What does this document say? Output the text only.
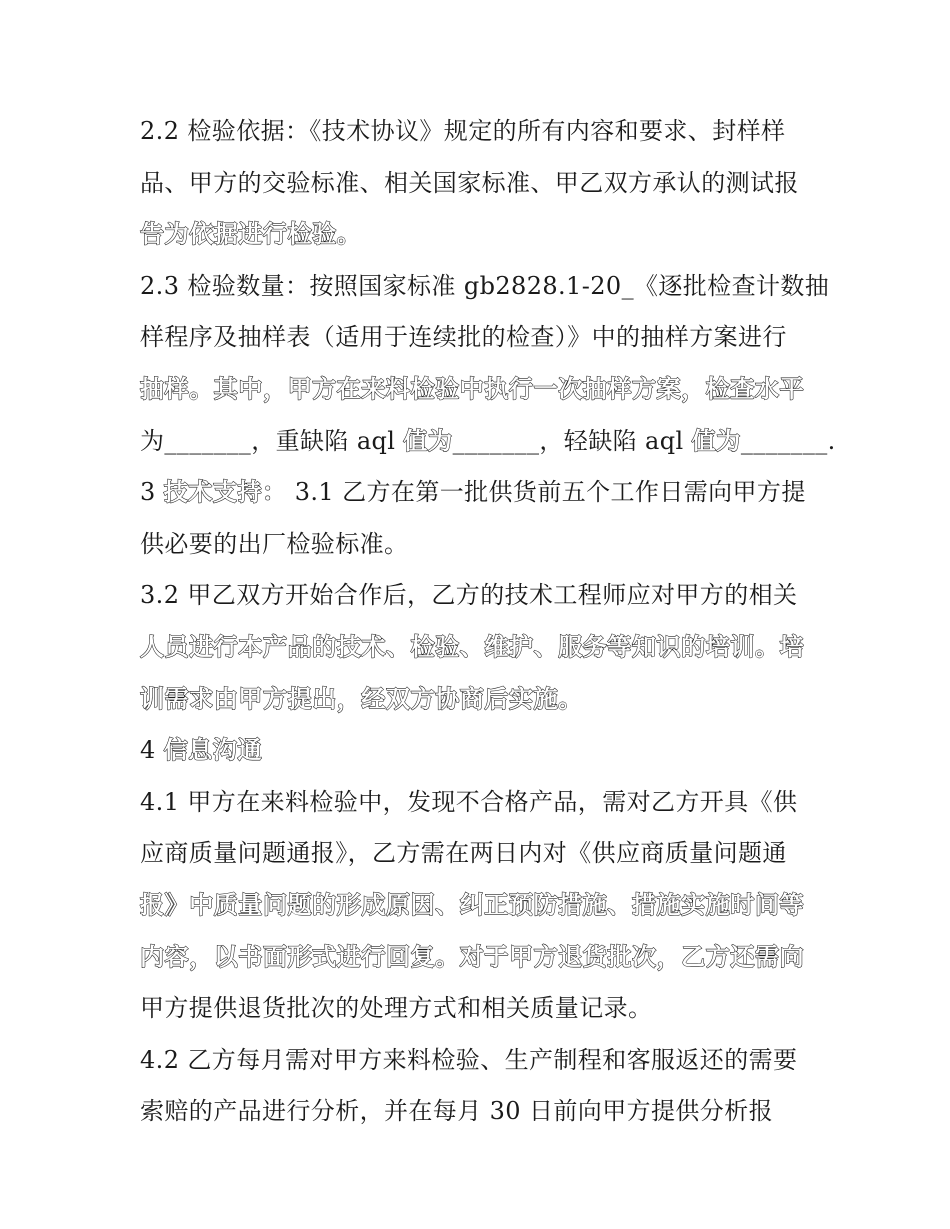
2.2 检验依据：《技术协议》规定的所有内容和要求、封样样
品、甲方的交验标准、相关国家标准、甲乙双方承认的测试报
告为依据进行检验。
2.3 检验数量：按照国家标准 gb2828.1-20_《逐批检查计数抽
样程序及抽样表（适用于连续批的检查）》中的抽样方案进行
抽样。其中，甲方在来料检验中执行一次抽样方案，检查水平
为_______，重缺陷 aql 值为_______，轻缺陷 aql 值为_______.
3 技术支持： 3.1 乙方在第一批供货前五个工作日需向甲方提
供必要的出厂检验标准。
3.2 甲乙双方开始合作后，乙方的技术工程师应对甲方的相关
人员进行本产品的技术、检验、维护、服务等知识的培训。培
训需求由甲方提出，经双方协商后实施。
4 信息沟通
4.1 甲方在来料检验中，发现不合格产品，需对乙方开具《供
应商质量问题通报》，乙方需在两日内对《供应商质量问题通
报》中质量问题的形成原因、纠正预防措施、措施实施时间等
内容，以书面形式进行回复。对于甲方退货批次，乙方还需向
甲方提供退货批次的处理方式和相关质量记录。
4.2 乙方每月需对甲方来料检验、生产制程和客服返还的需要
索赔的产品进行分析，并在每月 30 日前向甲方提供分析报
